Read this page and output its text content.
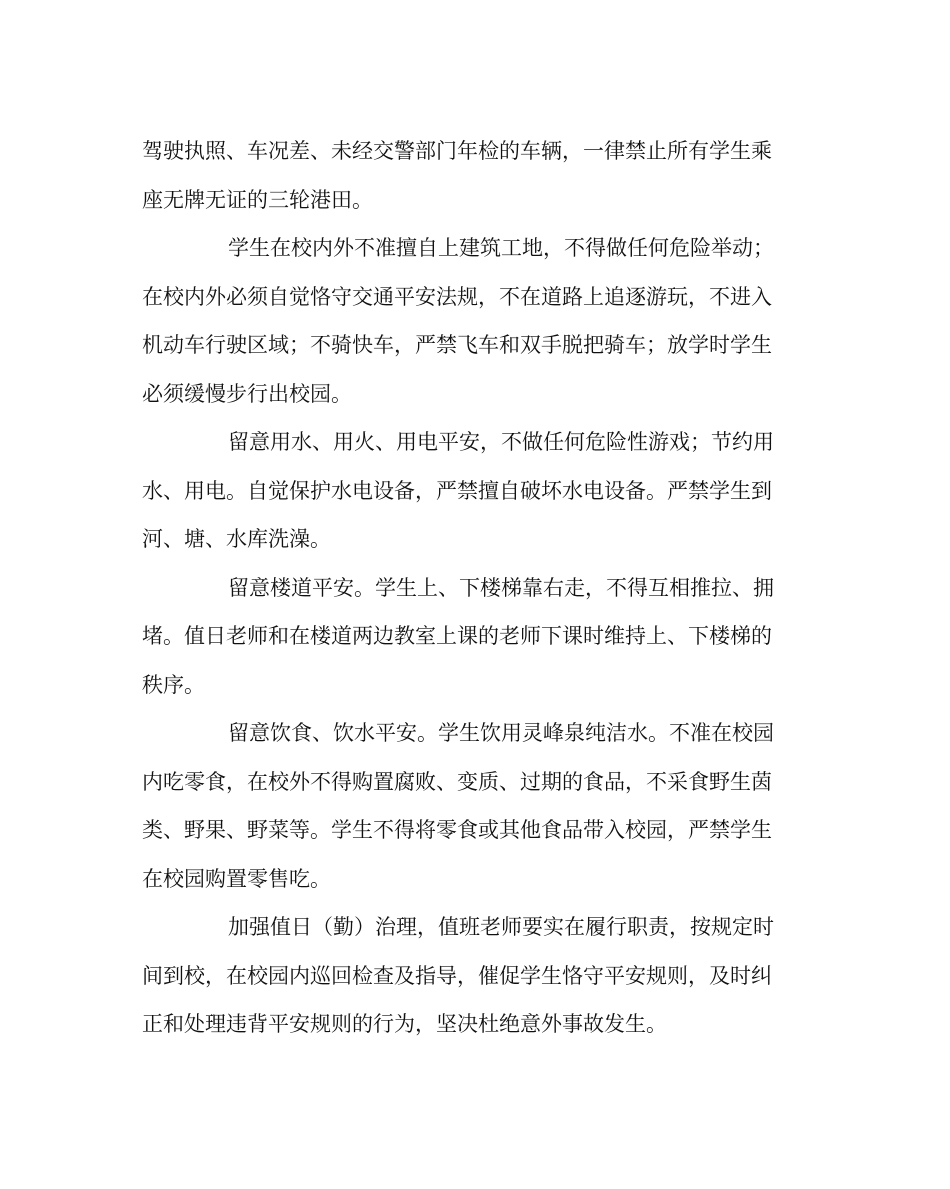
驾驶执照、车况差、未经交警部门年检的车辆，一律禁止所有学生乘
座无牌无证的三轮港田。
学生在校内外不准擅自上建筑工地，不得做任何危险举动；
在校内外必须自觉恪守交通平安法规，不在道路上追逐游玩，不进入
机动车行驶区域；不骑快车，严禁飞车和双手脱把骑车；放学时学生
必须缓慢步行出校园。
留意用水、用火、用电平安，不做任何危险性游戏；节约用
水、用电。自觉保护水电设备，严禁擅自破坏水电设备。严禁学生到
河、塘、水库洗澡。
留意楼道平安。学生上、下楼梯靠右走，不得互相推拉、拥
堵。值日老师和在楼道两边教室上课的老师下课时维持上、下楼梯的
秩序。
留意饮食、饮水平安。学生饮用灵峰泉纯洁水。不准在校园
内吃零食，在校外不得购置腐败、变质、过期的食品，不采食野生茵
类、野果、野菜等。学生不得将零食或其他食品带入校园，严禁学生
在校园购置零售吃。
加强值日（勤）治理，值班老师要实在履行职责，按规定时
间到校，在校园内巡回检查及指导，催促学生恪守平安规则，及时纠
正和处理违背平安规则的行为，坚决杜绝意外事故发生。
